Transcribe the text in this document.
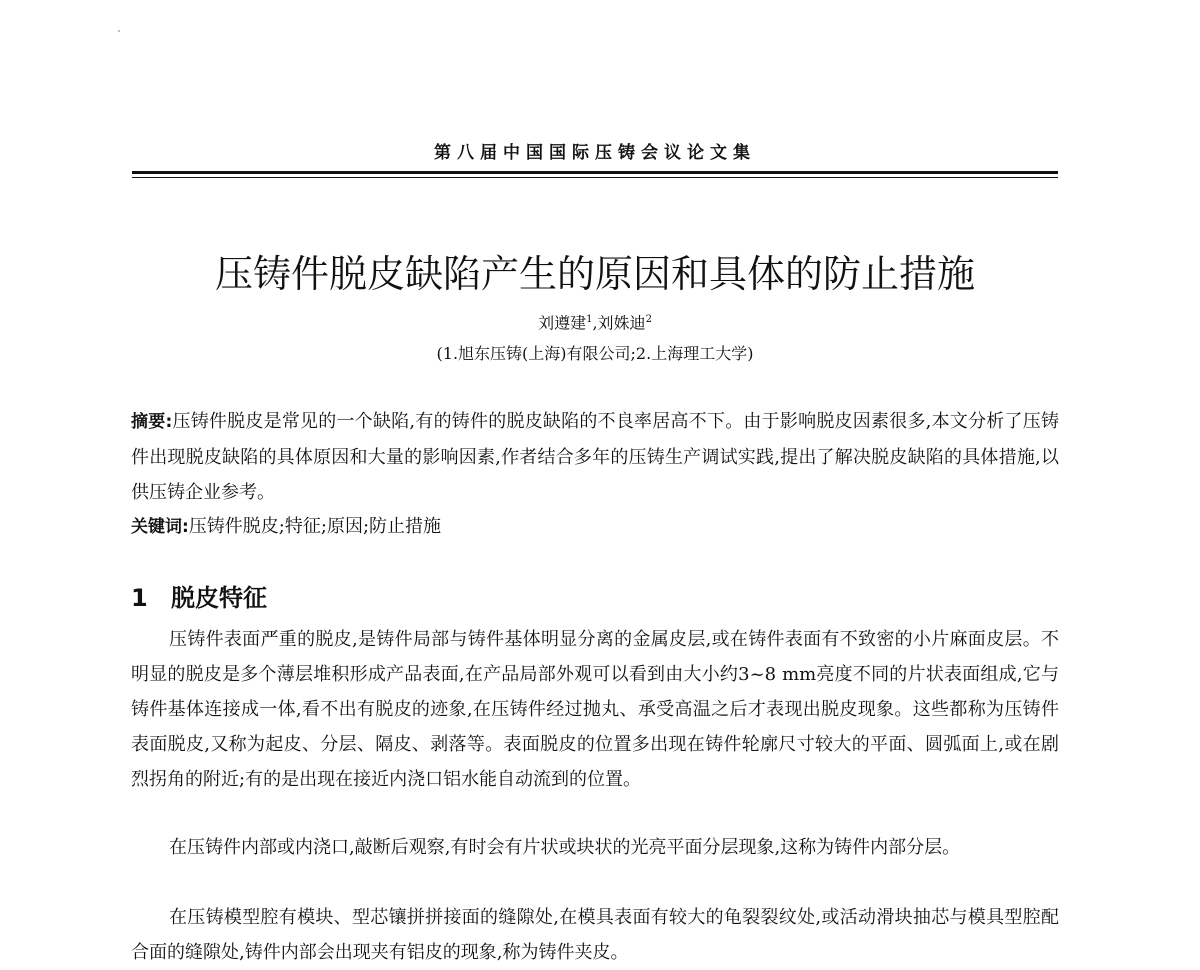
第八届中国国际压铸会议论文集
压铸件脱皮缺陷产生的原因和具体的防止措施
刘遵建$^1$,刘姝迪$^2$
(1.旭东压铸(上海)有限公司;2.上海理工大学)

摘要:压铸件脱皮是常见的一个缺陷,有的铸件的脱皮缺陷的不良率居高不下。由于影响脱皮因素很多,本文分析了压铸件出现脱皮缺陷的具体原因和大量的影响因素,作者结合多年的压铸生产调试实践,提出了解决脱皮缺陷的具体措施,以供压铸企业参考。

关键词:压铸件脱皮;特征;原因;防止措施

1 脱皮特征

压铸件表面严重的脱皮,是铸件局部与铸件基体明显分离的金属皮层,或在铸件表面有不致密的小片麻面皮层。不明显的脱皮是多个薄层堆积形成产品表面,在产品局部外观可以看到由大小约3~8 mm亮度不同的片状表面组成,它与铸件基体连接成一体,看不出有脱皮的迹象,在压铸件经过抛丸、承受高温之后才表现出脱皮现象。这些都称为压铸件表面脱皮,又称为起皮、分层、隔皮、剥落等。表面脱皮的位置多出现在铸件轮廓尺寸较大的平面、圆弧面上,或在剧烈拐角的附近;有的是出现在接近内浇口铝水能自动流到的位置。

在压铸件内部或内浇口,敲断后观察,有时会有片状或块状的光亮平面分层现象,这称为铸件内部分层。

在压铸模型腔有模块、型芯镶拼拼接面的缝隙处,在模具表面有较大的龟裂裂纹处,或活动滑块抽芯与模具型腔配合面的缝隙处,铸件内部会出现夹有铝皮的现象,称为铸件夹皮。
